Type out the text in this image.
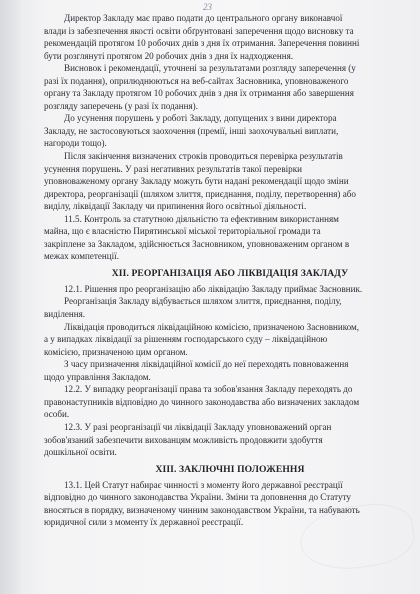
23

Директор Закладу має право подати до центрального органу виконавчої

влади із забезпечення якості освіти обґрунтовані заперечення щодо висновку та

рекомендацій протягом 10 робочих днів з дня їх отримання. Заперечення повинні

бути розглянуті протягом 20 робочих днів з дня їх надходження.

Висновок і рекомендації, уточнені за результатами розгляду заперечення (у

разі їх подання), оприлюднюються на веб-сайтах Засновника, уповноваженого

органу та Закладу протягом 10 робочих днів з дня їх отримання або завершення

розгляду заперечень (у разі їх подання).

До усунення порушень у роботі Закладу, допущених з вини директора

Закладу, не застосовуються заохочення (премії, інші заохочувальні виплати,

нагороди тощо).

Після закінчення визначених строків проводиться перевірка результатів

усунення порушень. У разі негативних результатів такої перевірки

уповноваженому органу Закладу можуть бути надані рекомендації щодо зміни

директора, реорганізації (шляхом злиття, приєднання, поділу, перетворення) або

виділу, ліквідації Закладу чи припинення його освітньої діяльності.

11.5. Контроль за статутною діяльністю та ефективним використанням

майна, що є власністю Пирятинської міської територіальної громади та

закріплене за Закладом, здійснюється Засновником, уповноваженим органом в

межах компетенції.

XII. РЕОРГАНІЗАЦІЯ АБО ЛІКВІДАЦІЯ ЗАКЛАДУ

12.1. Рішення про реорганізацію або ліквідацію Закладу приймає Засновник.

Реорганізація Закладу відбувається шляхом злиття, приєднання, поділу,

виділення.

Ліквідація проводиться ліквідаційною комісією, призначеною Засновником,

а у випадках ліквідації за рішенням господарського суду – ліквідаційною

комісією, призначеною цим органом.

З часу призначення ліквідаційної комісії до неї переходять повноваження

щодо управління Закладом.

12.2. У випадку реорганізації права та зобов'язання Закладу переходять до

правонаступників відповідно до чинного законодавства або визначених закладом

особи.

12.3. У разі реорганізації чи ліквідації Закладу уповноважений орган

зобов'язаний забезпечити вихованцям можливість продовжити здобуття

дошкільної освіти.

XIII. ЗАКЛЮЧНІ ПОЛОЖЕННЯ

13.1. Цей Статут набирає чинності з моменту його державної реєстрації

відповідно до чинного законодавства України. Зміни та доповнення до Статуту

вносяться в порядку, визначеному чинним законодавством України, та набувають

юридичної сили з моменту їх державної реєстрації.
